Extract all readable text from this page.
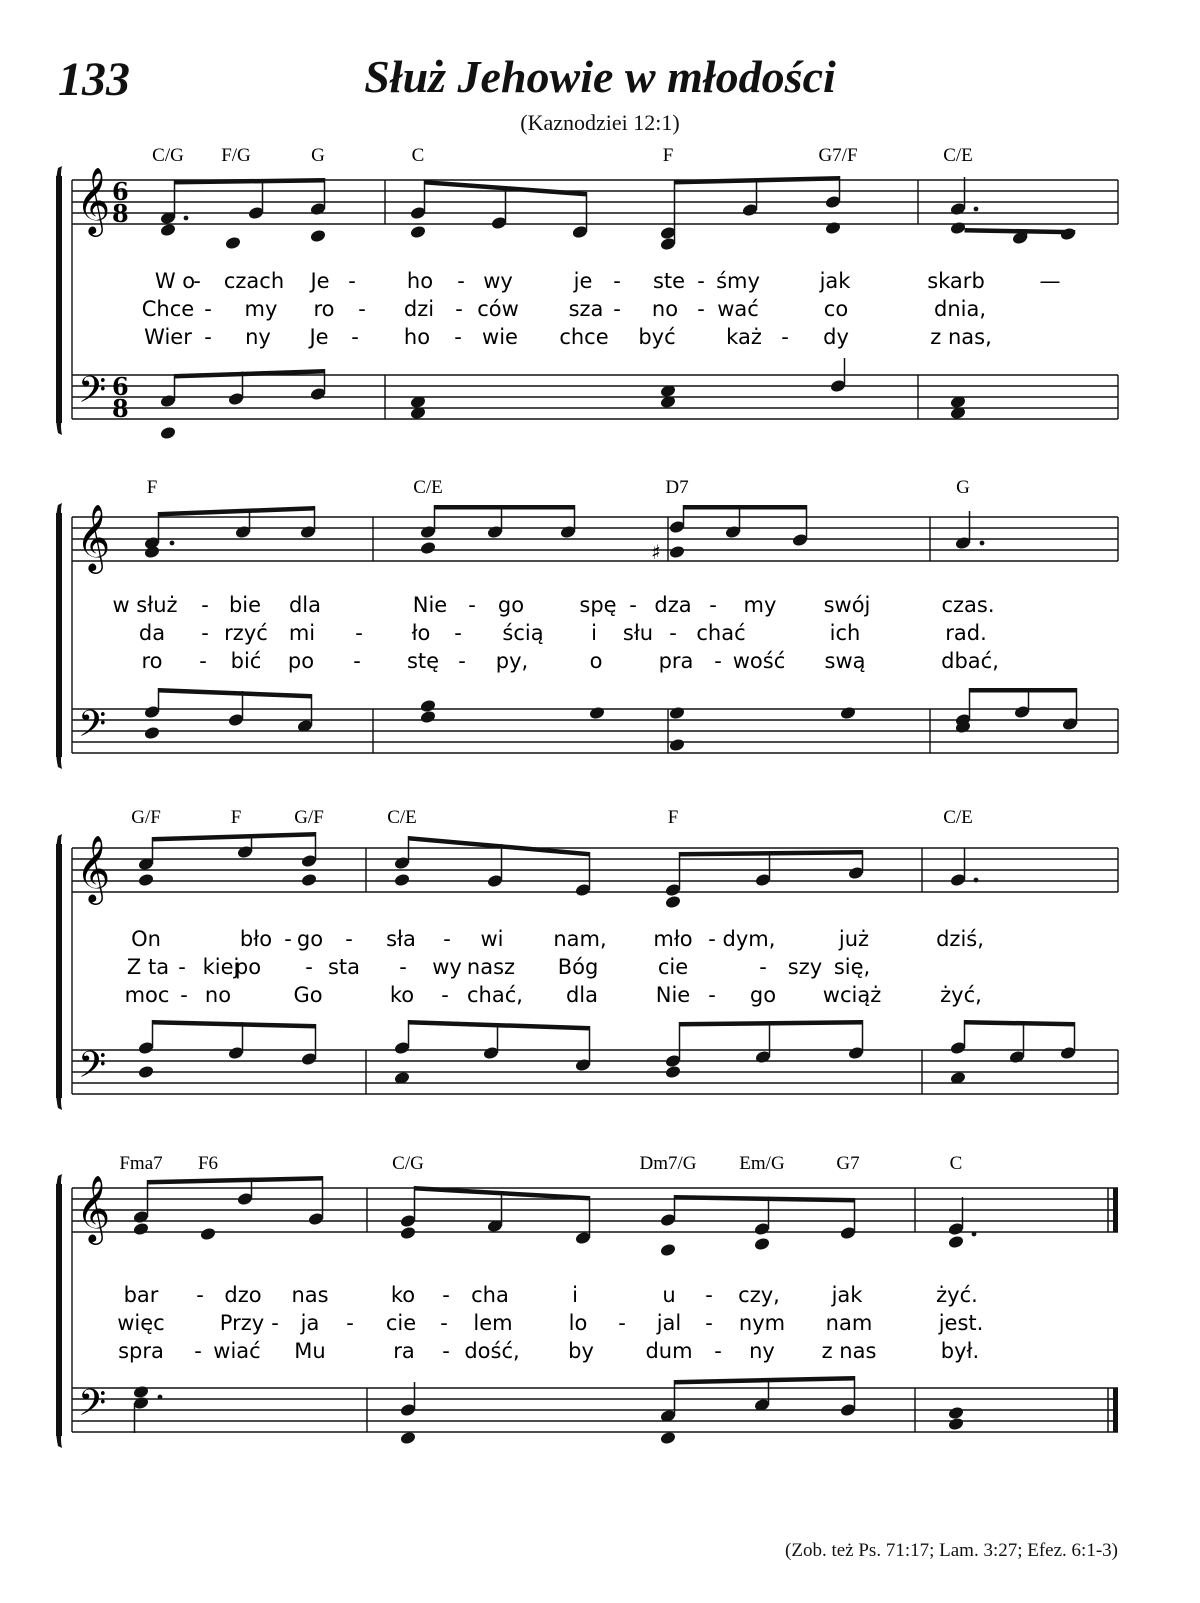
133	Służ Jehowie w młodości
(Kaznodziei 12:1)
(Zob. też Ps. 71:17; Lam. 3:27; Efez. 6:1-3)
𝄞
𝄢
6
8
6
8
C/G F/G	G	C	F	G7/F	C/E
W o
- czach Je - ho - wy	je - ste - śmy	jak	skarb	—
Chce - my ro - dzi - ców sza - no - wać	co	dnia,
Wier - ny Je - ho - wie chce być każ - dy	z nas,
𝄞
𝄢
F	C/E	D7	G
w służ - bie dla	Nie - go	spę - dza - my swój	czas.
da - rzyć mi - ło - ścią i słu - chać	ich	rad.
ro - bić po - stę - py,	o	pra - wość swą	dbać,
𝄞
𝄢
G/F	F	G/F	C/E	F	C/E
On	bło - go - sła - wi nam, mło - dym,	już	dziś,
Z ta - kiej
po - sta - wy nasz Bóg	cie	- szy się,
moc - no	Go	ko - chać, dla	Nie - go wciąż	żyć,
𝄞
𝄢
Fma7 F6	C/G	Dm7/G Em/G	G7	C
bar - dzo nas	ko - cha	i	u - czy, jak	żyć.
więc	Przy - ja - cie - lem	lo - jal - nym nam	jest.
spra - wiać Mu	ra - dość, by dum - ny z nas	był.
♯
